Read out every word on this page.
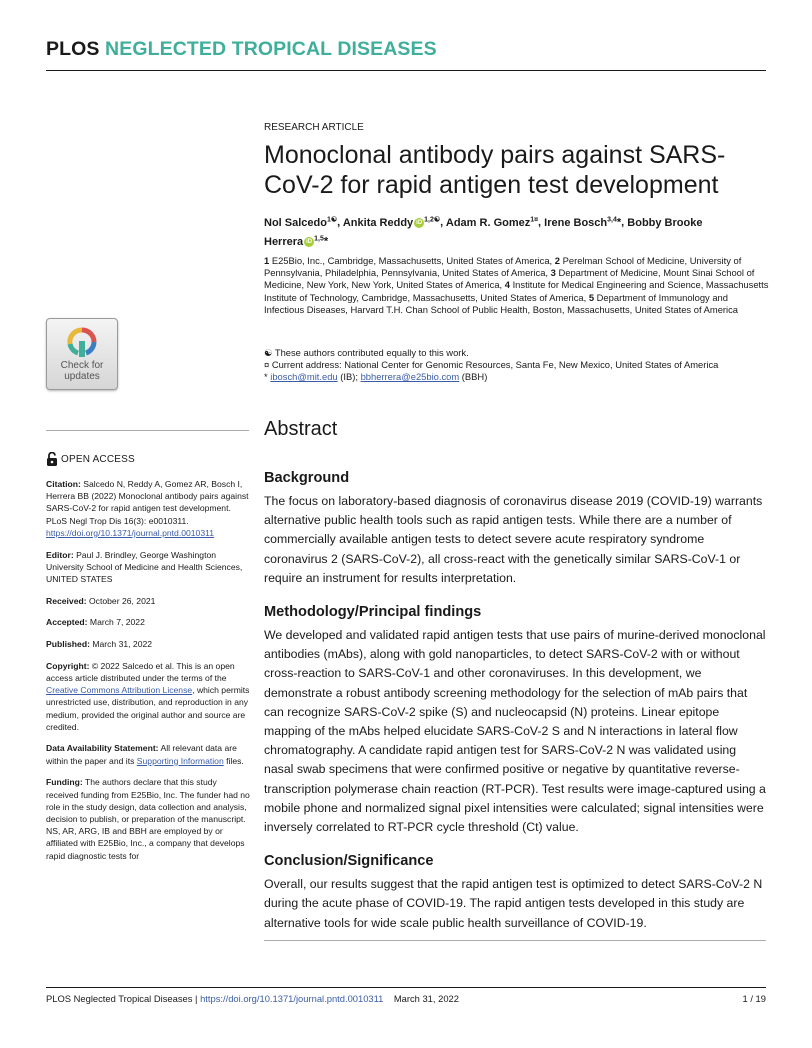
PLOS NEGLECTED TROPICAL DISEASES
RESEARCH ARTICLE
Monoclonal antibody pairs against SARS-CoV-2 for rapid antigen test development
Nol Salcedo$^{1☯}$, Ankita Reddy iD $^{1,2☯}$, Adam R. Gomez$^{1¤}$, Irene Bosch$^{3,4}$*, Bobby Brooke Herrera iD $^{1,5}$*
1 E25Bio, Inc., Cambridge, Massachusetts, United States of America, 2 Perelman School of Medicine, University of Pennsylvania, Philadelphia, Pennsylvania, United States of America, 3 Department of Medicine, Mount Sinai School of Medicine, New York, New York, United States of America, 4 Institute for Medical Engineering and Science, Massachusetts Institute of Technology, Cambridge, Massachusetts, United States of America, 5 Department of Immunology and Infectious Diseases, Harvard T.H. Chan School of Public Health, Boston, Massachusetts, United States of America
☯ These authors contributed equally to this work.
¤ Current address: National Center for Genomic Resources, Santa Fe, New Mexico, United States of America
* ibosch@mit.edu (IB); bbherrera@e25bio.com (BBH)
Check for
updates
OPEN ACCESS

Citation: Salcedo N, Reddy A, Gomez AR, Bosch I, Herrera BB (2022) Monoclonal antibody pairs against SARS-CoV-2 for rapid antigen test development. PLoS Negl Trop Dis 16(3): e0010311. https://doi.org/10.1371/journal.pntd.0010311

Editor: Paul J. Brindley, George Washington University School of Medicine and Health Sciences, UNITED STATES

Received: October 26, 2021

Accepted: March 7, 2022

Published: March 31, 2022

Copyright: © 2022 Salcedo et al. This is an open access article distributed under the terms of the Creative Commons Attribution License, which permits unrestricted use, distribution, and reproduction in any medium, provided the original author and source are credited.

Data Availability Statement: All relevant data are within the paper and its Supporting Information files.

Funding: The authors declare that this study received funding from E25Bio, Inc. The funder had no role in the study design, data collection and analysis, decision to publish, or preparation of the manuscript. NS, AR, ARG, IB and BBH are employed by or affiliated with E25Bio, Inc., a company that develops rapid diagnostic tests for

Abstract
Background

The focus on laboratory-based diagnosis of coronavirus disease 2019 (COVID-19) warrants alternative public health tools such as rapid antigen tests. While there are a number of commercially available antigen tests to detect severe acute respiratory syndrome coronavirus 2 (SARS-CoV-2), all cross-react with the genetically similar SARS-CoV-1 or require an instrument for results interpretation.

Methodology/Principal findings

We developed and validated rapid antigen tests that use pairs of murine-derived monoclonal antibodies (mAbs), along with gold nanoparticles, to detect SARS-CoV-2 with or without cross-reaction to SARS-CoV-1 and other coronaviruses. In this development, we demonstrate a robust antibody screening methodology for the selection of mAb pairs that can recognize SARS-CoV-2 spike (S) and nucleocapsid (N) proteins. Linear epitope mapping of the mAbs helped elucidate SARS-CoV-2 S and N interactions in lateral flow chromatography. A candidate rapid antigen test for SARS-CoV-2 N was validated using nasal swab specimens that were confirmed positive or negative by quantitative reverse-transcription polymerase chain reaction (RT-PCR). Test results were image-captured using a mobile phone and normalized signal pixel intensities were calculated; signal intensities were inversely correlated to RT-PCR cycle threshold (Ct) value.

Conclusion/Significance

Overall, our results suggest that the rapid antigen test is optimized to detect SARS-CoV-2 N during the acute phase of COVID-19. The rapid antigen tests developed in this study are alternative tools for wide scale public health surveillance of COVID-19.

PLOS Neglected Tropical Diseases | https://doi.org/10.1371/journal.pntd.0010311 March 31, 2022	1 / 19
